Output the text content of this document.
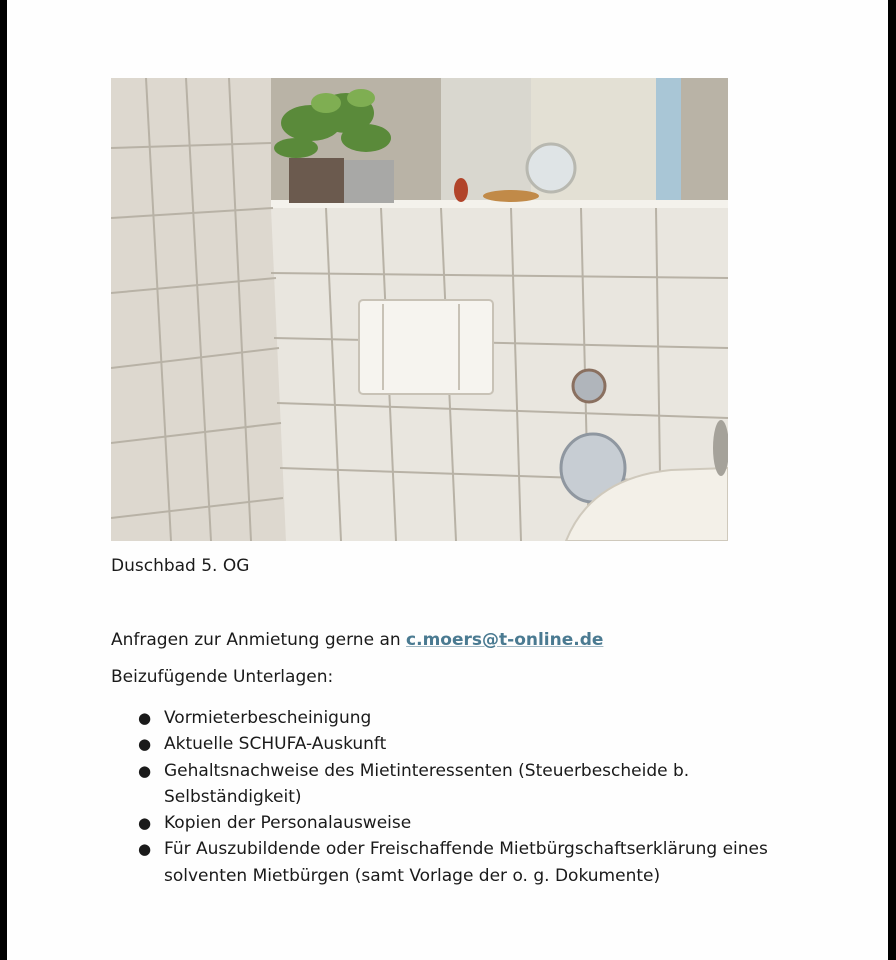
Duschbad 5. OG
Anfragen zur Anmietung gerne an c.moers@t-online.de
Beizufügende Unterlagen:
● Vormieterbescheinigung
● Aktuelle SCHUFA-Auskunft
● Gehaltsnachweise des Mietinteressenten (Steuerbescheide b. Selbständigkeit)
● Kopien der Personalausweise
● Für Auszubildende oder Freischaffende Mietbürgschaftserklärung eines solventen Mietbürgen (samt Vorlage der o. g. Dokumente)
